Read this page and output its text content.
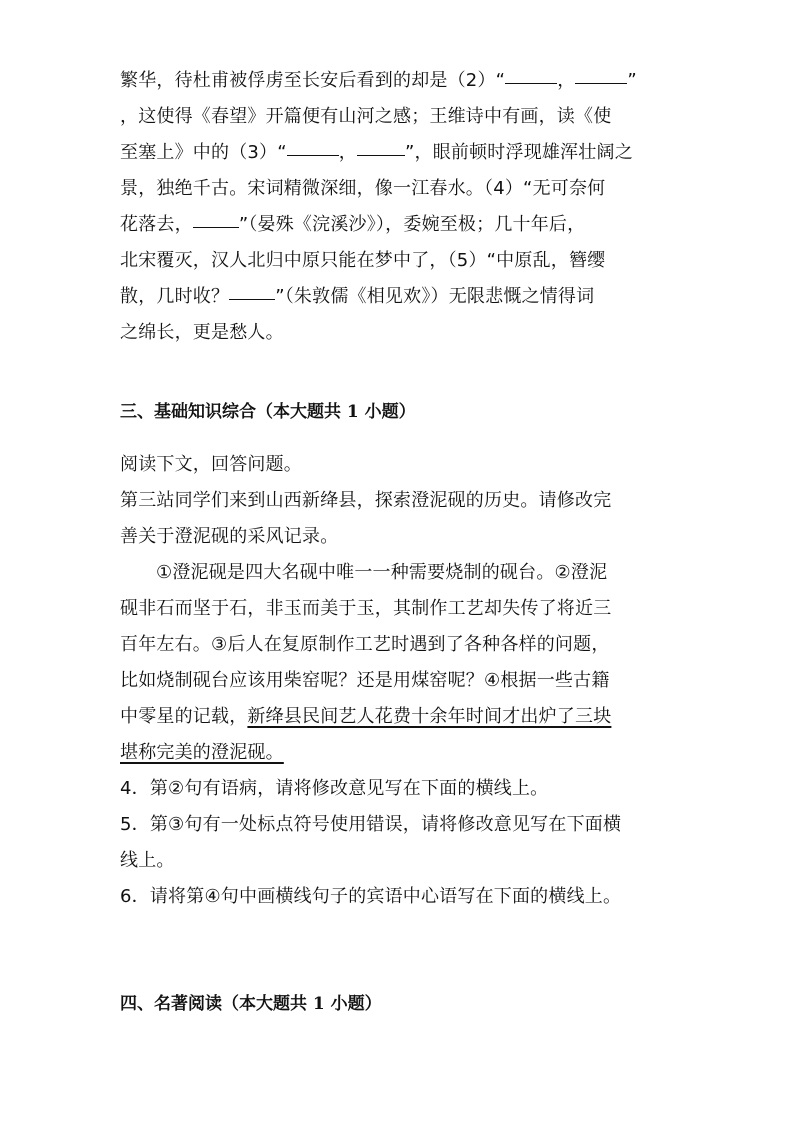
繁华，待杜甫被俘虏至长安后看到的却是（2）“	，	”
，这使得《春望》开篇便有山河之感；王维诗中有画，读《使
至塞上》中的（3）“	，	”，眼前顿时浮现雄浑壮阔之
景，独绝千古。宋词精微深细，像一江春水。（4）“无可奈何
花落去，	”（晏殊《浣溪沙》），委婉至极；几十年后，
北宋覆灭，汉人北归中原只能在梦中了，（5）“中原乱，簪缨
散，几时收？	”（朱敦儒《相见欢》）无限悲慨之情得词
之绵长，更是愁人。
三、基础知识综合（本大题共 1 小题）
阅读下文，回答问题。
第三站同学们来到山西新绛县，探索澄泥砚的历史。请修改完
善关于澄泥砚的采风记录。
①澄泥砚是四大名砚中唯一一种需要烧制的砚台。②澄泥
砚非石而坚于石，非玉而美于玉，其制作工艺却失传了将近三
百年左右。③后人在复原制作工艺时遇到了各种各样的问题，
比如烧制砚台应该用柴窑呢？还是用煤窑呢？④根据一些古籍
中零星的记载，新绛县民间艺人花费十余年时间才出炉了三块
堪称完美的澄泥砚。
4．第②句有语病，请将修改意见写在下面的横线上。
5．第③句有一处标点符号使用错误，请将修改意见写在下面横
线上。
6．请将第④句中画横线句子的宾语中心语写在下面的横线上。
四、名著阅读（本大题共 1 小题）
